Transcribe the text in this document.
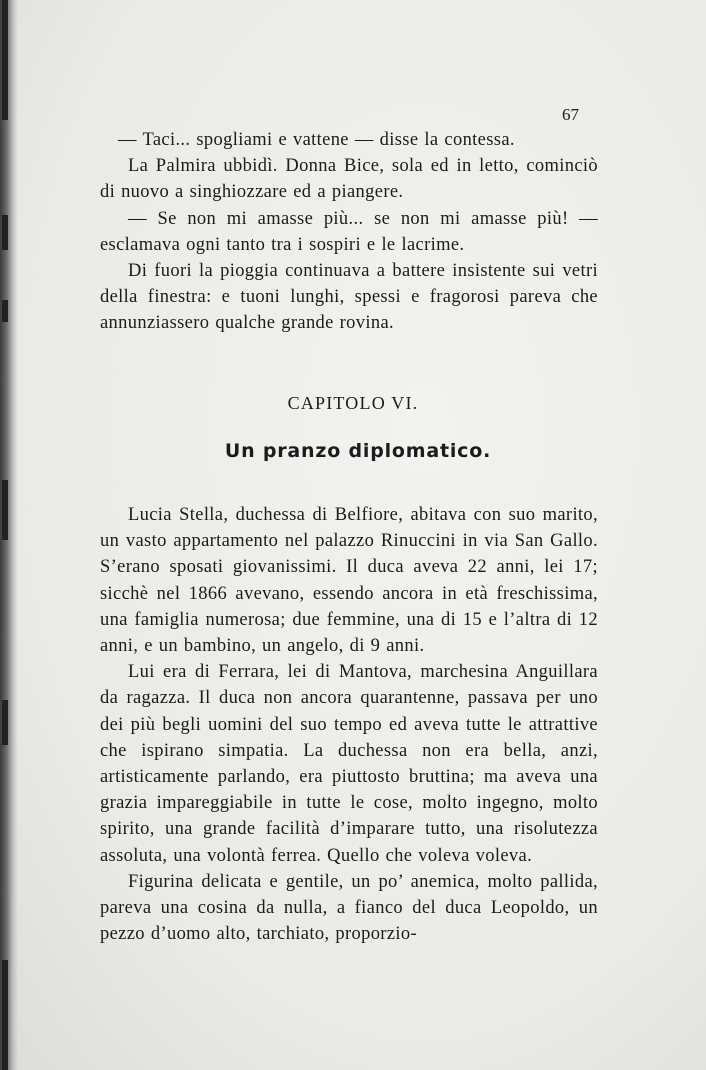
67

— Taci... spogliami e vattene — disse la contessa.

La Palmira ubbidì. Donna Bice, sola ed in letto, cominciò di nuovo a singhiozzare ed a piangere.

— Se non mi amasse più... se non mi amasse più! — esclamava ogni tanto tra i sospiri e le lacrime.

Di fuori la pioggia continuava a battere insistente sui vetri della finestra: e tuoni lunghi, spessi e fragorosi pareva che annunziassero qualche grande rovina.

CAPITOLO VI.
Un pranzo diplomatico.

Lucia Stella, duchessa di Belfiore, abitava con suo marito, un vasto appartamento nel palazzo Rinuccini in via San Gallo. S’erano sposati giovanissimi. Il duca aveva 22 anni, lei 17; sicchè nel 1866 avevano, essendo ancora in età freschissima, una famiglia numerosa; due femmine, una di 15 e l’altra di 12 anni, e un bambino, un angelo, di 9 anni.

Lui era di Ferrara, lei di Mantova, marchesina Anguillara da ragazza. Il duca non ancora quarantenne, passava per uno dei più begli uomini del suo tempo ed aveva tutte le attrattive che ispirano simpatia. La duchessa non era bella, anzi, artisticamente parlando, era piuttosto bruttina; ma aveva una grazia impareggiabile in tutte le cose, molto ingegno, molto spirito, una grande facilità d’imparare tutto, una risolutezza assoluta, una volontà ferrea. Quello che voleva voleva.

Figurina delicata e gentile, un po’ anemica, molto pallida, pareva una cosina da nulla, a fianco del duca Leopoldo, un pezzo d’uomo alto, tarchiato, proporzio-
